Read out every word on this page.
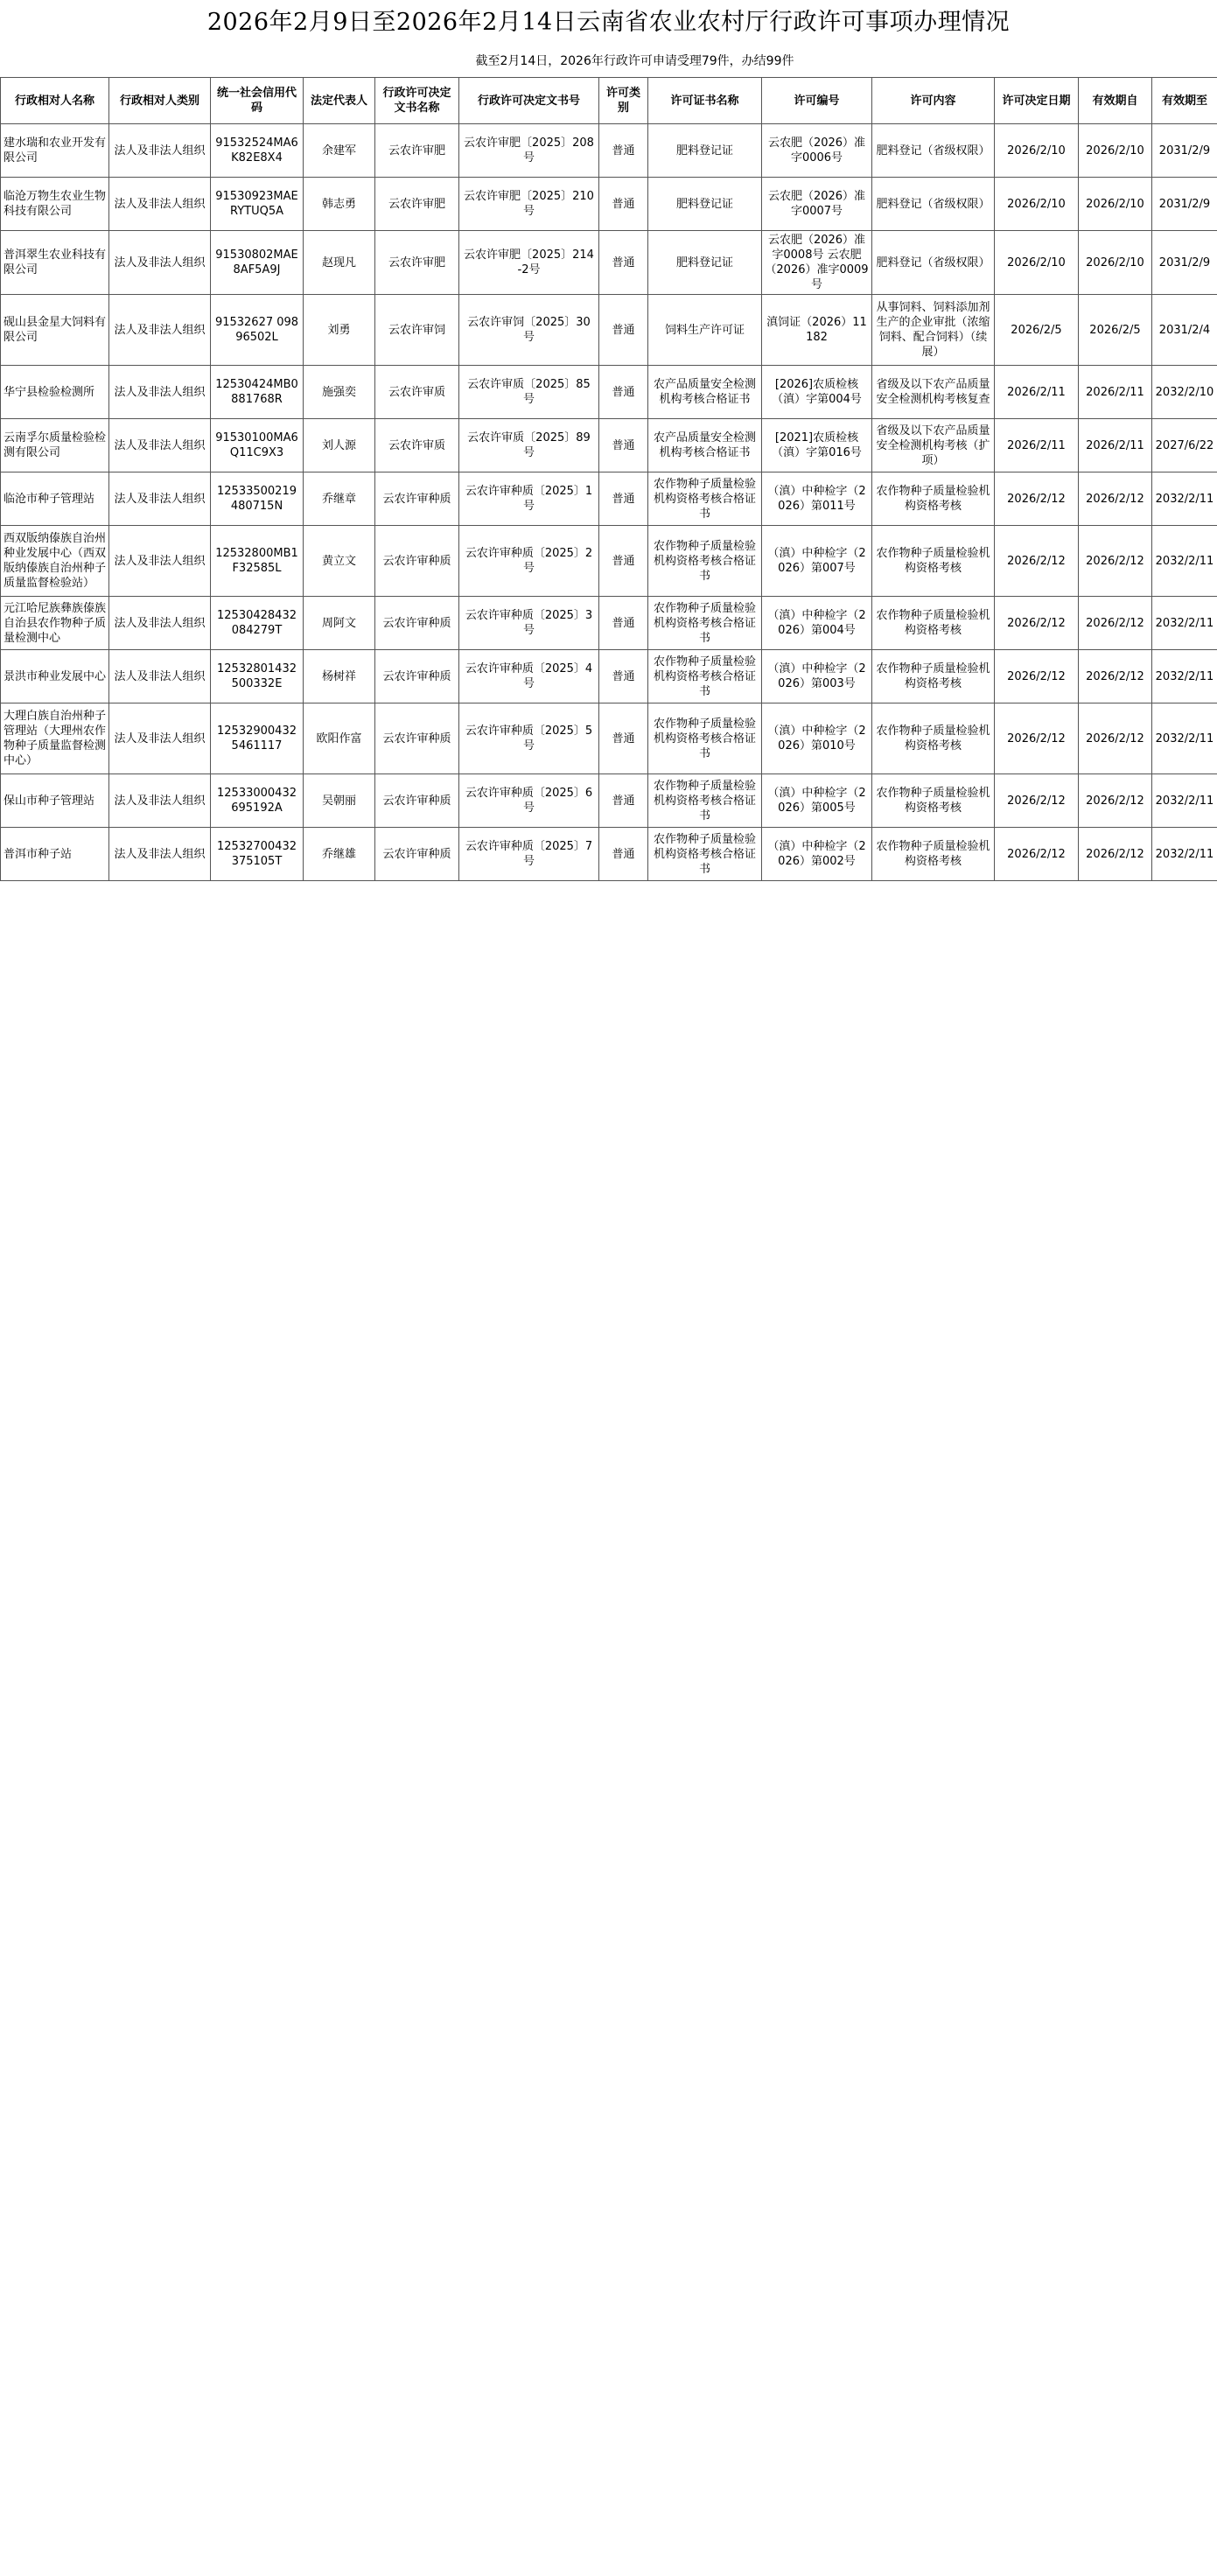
2026年2月9日至2026年2月14日云南省农业农村厅行政许可事项办理情况
截至2月14日，2026年行政许可申请受理79件，办结99件
行政相对人名称	行政相对人类别	统一社会信用代码	法定代表人	行政许可决定文书名称	行政许可决定文书号	许可类别	许可证书名称	许可编号	许可内容	许可决定日期	有效期自	有效期至
建水瑞和农业开发有限公司	法人及非法人组织	91532524MA6K82E8X4	余建军	云农许审肥	云农许审肥〔2025〕208号	普通	肥料登记证	云农肥（2026）准字0006号	肥料登记（省级权限）	2026/2/10	2026/2/10	2031/2/9
临沧万物生农业生物科技有限公司	法人及非法人组织	91530923MAERYTUQ5A	韩志勇	云农许审肥	云农许审肥〔2025〕210号	普通	肥料登记证	云农肥（2026）准字0007号	肥料登记（省级权限）	2026/2/10	2026/2/10	2031/2/9
普洱翠生农业科技有限公司	法人及非法人组织	91530802MAE8AF5A9J	赵现凡	云农许审肥	云农许审肥〔2025〕214-2号	普通	肥料登记证	云农肥（2026）准字0008号 云农肥（2026）准字0009号	肥料登记（省级权限）	2026/2/10	2026/2/10	2031/2/9
砚山县金星大饲料有限公司	法人及非法人组织	91532627 09896502L	刘勇	云农许审饲	云农许审饲〔2025〕30号	普通	饲料生产许可证	滇饲证（2026）11182	从事饲料、饲料添加剂生产的企业审批（浓缩饲料、配合饲料）（续展）	2026/2/5	2026/2/5	2031/2/4
华宁县检验检测所	法人及非法人组织	12530424MB0881768R	施强奕	云农许审质	云农许审质〔2025〕85号	普通	农产品质量安全检测机构考核合格证书	[2026]农质检核（滇）字第004号	省级及以下农产品质量安全检测机构考核复查	2026/2/11	2026/2/11	2032/2/10
云南孚尔质量检验检测有限公司	法人及非法人组织	91530100MA6Q11C9X3	刘人源	云农许审质	云农许审质〔2025〕89号	普通	农产品质量安全检测机构考核合格证书	[2021]农质检核（滇）字第016号	省级及以下农产品质量安全检测机构考核（扩项）	2026/2/11	2026/2/11	2027/6/22
临沧市种子管理站	法人及非法人组织	12533500219480715N	乔继章	云农许审种质	云农许审种质〔2025〕1号	普通	农作物种子质量检验机构资格考核合格证书	（滇）中种检字（2026）第011号	农作物种子质量检验机构资格考核	2026/2/12	2026/2/12	2032/2/11
西双版纳傣族自治州种业发展中心（西双版纳傣族自治州种子质量监督检验站）	法人及非法人组织	12532800MB1F32585L	黄立文	云农许审种质	云农许审种质〔2025〕2号	普通	农作物种子质量检验机构资格考核合格证书	（滇）中种检字（2026）第007号	农作物种子质量检验机构资格考核	2026/2/12	2026/2/12	2032/2/11
元江哈尼族彝族傣族自治县农作物种子质量检测中心	法人及非法人组织	12530428432084279T	周阿文	云农许审种质	云农许审种质〔2025〕3号	普通	农作物种子质量检验机构资格考核合格证书	（滇）中种检字（2026）第004号	农作物种子质量检验机构资格考核	2026/2/12	2026/2/12	2032/2/11
景洪市种业发展中心	法人及非法人组织	12532801432500332E	杨树祥	云农许审种质	云农许审种质〔2025〕4号	普通	农作物种子质量检验机构资格考核合格证书	（滇）中种检字（2026）第003号	农作物种子质量检验机构资格考核	2026/2/12	2026/2/12	2032/2/11
大理白族自治州种子管理站（大理州农作物种子质量监督检测中心）	法人及非法人组织	125329004325461117	欧阳作富	云农许审种质	云农许审种质〔2025〕5号	普通	农作物种子质量检验机构资格考核合格证书	（滇）中种检字（2026）第010号	农作物种子质量检验机构资格考核	2026/2/12	2026/2/12	2032/2/11
保山市种子管理站	法人及非法人组织	12533000432695192A	吴朝丽	云农许审种质	云农许审种质〔2025〕6号	普通	农作物种子质量检验机构资格考核合格证书	（滇）中种检字（2026）第005号	农作物种子质量检验机构资格考核	2026/2/12	2026/2/12	2032/2/11
普洱市种子站	法人及非法人组织	12532700432375105T	乔继雄	云农许审种质	云农许审种质〔2025〕7号	普通	农作物种子质量检验机构资格考核合格证书	（滇）中种检字（2026）第002号	农作物种子质量检验机构资格考核	2026/2/12	2026/2/12	2032/2/11
